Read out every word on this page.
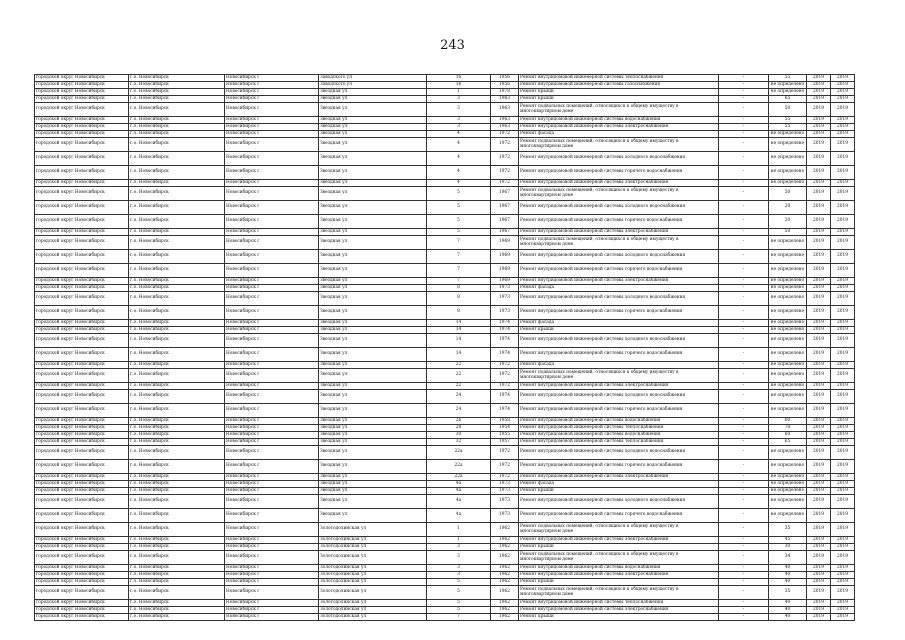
243
городской округ Новосибирск	г.о. Новосибирск	Новосибирск г	Заводского ул	16	1956	Ремонт внутридомовой инженерной системы теплоснабжения	-	55	2019	2019
городской округ Новосибирск	г.о. Новосибирск	Новосибирск г	Заводского ул	16	1956	Ремонт внутридомовой инженерной системы газоснабжения	-	не определено	2019	2019
городской округ Новосибирск	г.о. Новосибирск	Новосибирск г	Звездная ул	1	1978	Ремонт крыши	-	не определено	2019	2019
городской округ Новосибирск	г.о. Новосибирск	Новосибирск г	Звездная ул	3	1963	Ремонт крыши	-	65	2019	2019
городской округ Новосибирск	г.о. Новосибирск	Новосибирск г	Звездная ул	3	1963	Ремонт подвальных помещений, относящихся к общему имуществу в многоквартирном доме	-	50	2019	2019
городской округ Новосибирск	г.о. Новосибирск	Новосибирск г	Звездная ул	3	1963	Ремонт внутридомовой инженерной системы водоснабжения	-	55	2019	2019
городской округ Новосибирск	г.о. Новосибирск	Новосибирск г	Звездная ул	3	1963	Ремонт внутридомовой инженерной системы электроснабжения	-	55	2019	2019
городской округ Новосибирск	г.о. Новосибирск	Новосибирск г	Звездная ул	4	1972	Ремонт фасада	-	не определено	2019	2019
городской округ Новосибирск	г.о. Новосибирск	Новосибирск г	Звездная ул	4	1972	Ремонт подвальных помещений, относящихся к общему имуществу в многоквартирном доме	-	не определено	2019	2019
городской округ Новосибирск	г.о. Новосибирск	Новосибирск г	Звездная ул	4	1972	Ремонт внутридомовой инженерной системы холодного водоснабжения	-	не определено	2019	2019
городской округ Новосибирск	г.о. Новосибирск	Новосибирск г	Звездная ул	4	1972	Ремонт внутридомовой инженерной системы горячего водоснабжения	-	не определено	2019	2019
городской округ Новосибирск	г.о. Новосибирск	Новосибирск г	Звездная ул	4	1972	Ремонт внутридомовой инженерной системы электроснабжения	-	не определено	2019	2019
городской округ Новосибирск	г.о. Новосибирск	Новосибирск г	Звездная ул	5	1967	Ремонт подвальных помещений, относящихся к общему имуществу в многоквартирном доме	-	50	2019	2019
городской округ Новосибирск	г.о. Новосибирск	Новосибирск г	Звездная ул	5	1967	Ремонт внутридомовой инженерной системы холодного водоснабжения	-	20	2019	2019
городской округ Новосибирск	г.о. Новосибирск	Новосибирск г	Звездная ул	5	1967	Ремонт внутридомовой инженерной системы горячего водоснабжения	-	20	2019	2019
городской округ Новосибирск	г.о. Новосибирск	Новосибирск г	Звездная ул	5	1967	Ремонт внутридомовой инженерной системы электроснабжения	-	50	2019	2019
городской округ Новосибирск	г.о. Новосибирск	Новосибирск г	Звездная ул	7	1969	Ремонт подвальных помещений, относящихся к общему имуществу в многоквартирном доме	-	не определено	2019	2019
городской округ Новосибирск	г.о. Новосибирск	Новосибирск г	Звездная ул	7	1969	Ремонт внутридомовой инженерной системы холодного водоснабжения	-	не определено	2019	2019
городской округ Новосибирск	г.о. Новосибирск	Новосибирск г	Звездная ул	7	1969	Ремонт внутридомовой инженерной системы горячего водоснабжения	-	не определено	2019	2019
городской округ Новосибирск	г.о. Новосибирск	Новосибирск г	Звездная ул	7	1969	Ремонт внутридомовой инженерной системы электроснабжения	-	не определено	2019	2019
городской округ Новосибирск	г.о. Новосибирск	Новосибирск г	Звездная ул	8	1973	Ремонт фасада	-	не определено	2019	2019
городской округ Новосибирск	г.о. Новосибирск	Новосибирск г	Звездная ул	8	1973	Ремонт внутридомовой инженерной системы холодного водоснабжения	-	не определено	2019	2019
городской округ Новосибирск	г.о. Новосибирск	Новосибирск г	Звездная ул	8	1973	Ремонт внутридомовой инженерной системы горячего водоснабжения	-	не определено	2019	2019
городской округ Новосибирск	г.о. Новосибирск	Новосибирск г	Звездная ул	14	1974	Ремонт фасада	-	не определено	2019	2019
городской округ Новосибирск	г.о. Новосибирск	Новосибирск г	Звездная ул	14	1974	Ремонт крыши	-	не определено	2019	2019
городской округ Новосибирск	г.о. Новосибирск	Новосибирск г	Звездная ул	14	1974	Ремонт внутридомовой инженерной системы холодного водоснабжения	-	не определено	2019	2019
городской округ Новосибирск	г.о. Новосибирск	Новосибирск г	Звездная ул	14	1974	Ремонт внутридомовой инженерной системы горячего водоснабжения	-	не определено	2019	2019
городской округ Новосибирск	г.о. Новосибирск	Новосибирск г	Звездная ул	22	1972	Ремонт фасада	-	не определено	2019	2019
городской округ Новосибирск	г.о. Новосибирск	Новосибирск г	Звездная ул	22	1972	Ремонт подвальных помещений, относящихся к общему имуществу в многоквартирном доме	-	не определено	2019	2019
городской округ Новосибирск	г.о. Новосибирск	Новосибирск г	Звездная ул	22	1972	Ремонт внутридомовой инженерной системы электроснабжения	-	не определено	2019	2019
городской округ Новосибирск	г.о. Новосибирск	Новосибирск г	Звездная ул	24	1974	Ремонт внутридомовой инженерной системы холодного водоснабжения	-	не определено	2019	2019
городской округ Новосибирск	г.о. Новосибирск	Новосибирск г	Звездная ул	24	1974	Ремонт внутридомовой инженерной системы горячего водоснабжения	-	не определено	2019	2019
городской округ Новосибирск	г.о. Новосибирск	Новосибирск г	Звездная ул	26	1958	Ремонт внутридомовой инженерной системы водоснабжения	-	60	2019	2019
городской округ Новосибирск	г.о. Новосибирск	Новосибирск г	Звездная ул	28	1954	Ремонт внутридомовой инженерной системы теплоснабжения	-	70	2019	2019
городской округ Новосибирск	г.о. Новосибирск	Новосибирск г	Звездная ул	30	1955	Ремонт внутридомовой инженерной системы водоснабжения	-	60	2019	2019
городской округ Новосибирск	г.о. Новосибирск	Новосибирск г	Звездная ул	32	1957	Ремонт внутридомовой инженерной системы теплоснабжения	-	65	2019	2019
городской округ Новосибирск	г.о. Новосибирск	Новосибирск г	Звездная ул	22а	1972	Ремонт внутридомовой инженерной системы холодного водоснабжения	-	не определено	2019	2019
городской округ Новосибирск	г.о. Новосибирск	Новосибирск г	Звездная ул	22а	1972	Ремонт внутридомовой инженерной системы горячего водоснабжения	-	не определено	2019	2019
городской округ Новосибирск	г.о. Новосибирск	Новосибирск г	Звездная ул	22а	1972	Ремонт внутридомовой инженерной системы электроснабжения	-	не определено	2019	2019
городской округ Новосибирск	г.о. Новосибирск	Новосибирск г	Звездная ул	4а	1973	Ремонт фасада	-	не определено	2019	2019
городской округ Новосибирск	г.о. Новосибирск	Новосибирск г	Звездная ул	4а	1973	Ремонт крыши	-	не определено	2019	2019
городской округ Новосибирск	г.о. Новосибирск	Новосибирск г	Звездная ул	4а	1973	Ремонт внутридомовой инженерной системы холодного водоснабжения	-	не определено	2019	2019
городской округ Новосибирск	г.о. Новосибирск	Новосибирск г	Звездная ул	4а	1973	Ремонт внутридомовой инженерной системы горячего водоснабжения	-	не определено	2019	2019
городской округ Новосибирск	г.о. Новосибирск	Новосибирск г	Золотодолинская ул	1	1962	Ремонт подвальных помещений, относящихся к общему имуществу в многоквартирном доме	-	35	2019	2019
городской округ Новосибирск	г.о. Новосибирск	Новосибирск г	Золотодолинская ул	1	1962	Ремонт внутридомовой инженерной системы электроснабжения	-	45	2019	2019
городской округ Новосибирск	г.о. Новосибирск	Новосибирск г	Золотодолинская ул	3	1962	Ремонт крыши	-	30	2019	2019
городской округ Новосибирск	г.о. Новосибирск	Новосибирск г	Золотодолинская ул	3	1962	Ремонт подвальных помещений, относящихся к общему имуществу в многоквартирном доме	-	34	2019	2019
городской округ Новосибирск	г.о. Новосибирск	Новосибирск г	Золотодолинская ул	3	1962	Ремонт внутридомовой инженерной системы водоснабжения	-	40	2019	2019
городской округ Новосибирск	г.о. Новосибирск	Новосибирск г	Золотодолинская ул	3	1962	Ремонт внутридомовой инженерной системы электроснабжения	-	40	2019	2019
городской округ Новосибирск	г.о. Новосибирск	Новосибирск г	Золотодолинская ул	5	1962	Ремонт крыши	-	40	2019	2019
городской округ Новосибирск	г.о. Новосибирск	Новосибирск г	Золотодолинская ул	5	1962	Ремонт подвальных помещений, относящихся к общему имуществу в многоквартирном доме	-	35	2019	2019
городской округ Новосибирск	г.о. Новосибирск	Новосибирск г	Золотодолинская ул	5	1962	Ремонт внутридомовой инженерной системы теплоснабжения	-	40	2019	2019
городской округ Новосибирск	г.о. Новосибирск	Новосибирск г	Золотодолинская ул	5	1962	Ремонт внутридомовой инженерной системы электроснабжения	-	40	2019	2019
городской округ Новосибирск	г.о. Новосибирск	Новосибирск г	Золотодолинская ул	7	1962	Ремонт крыши	-	40	2019	2019
